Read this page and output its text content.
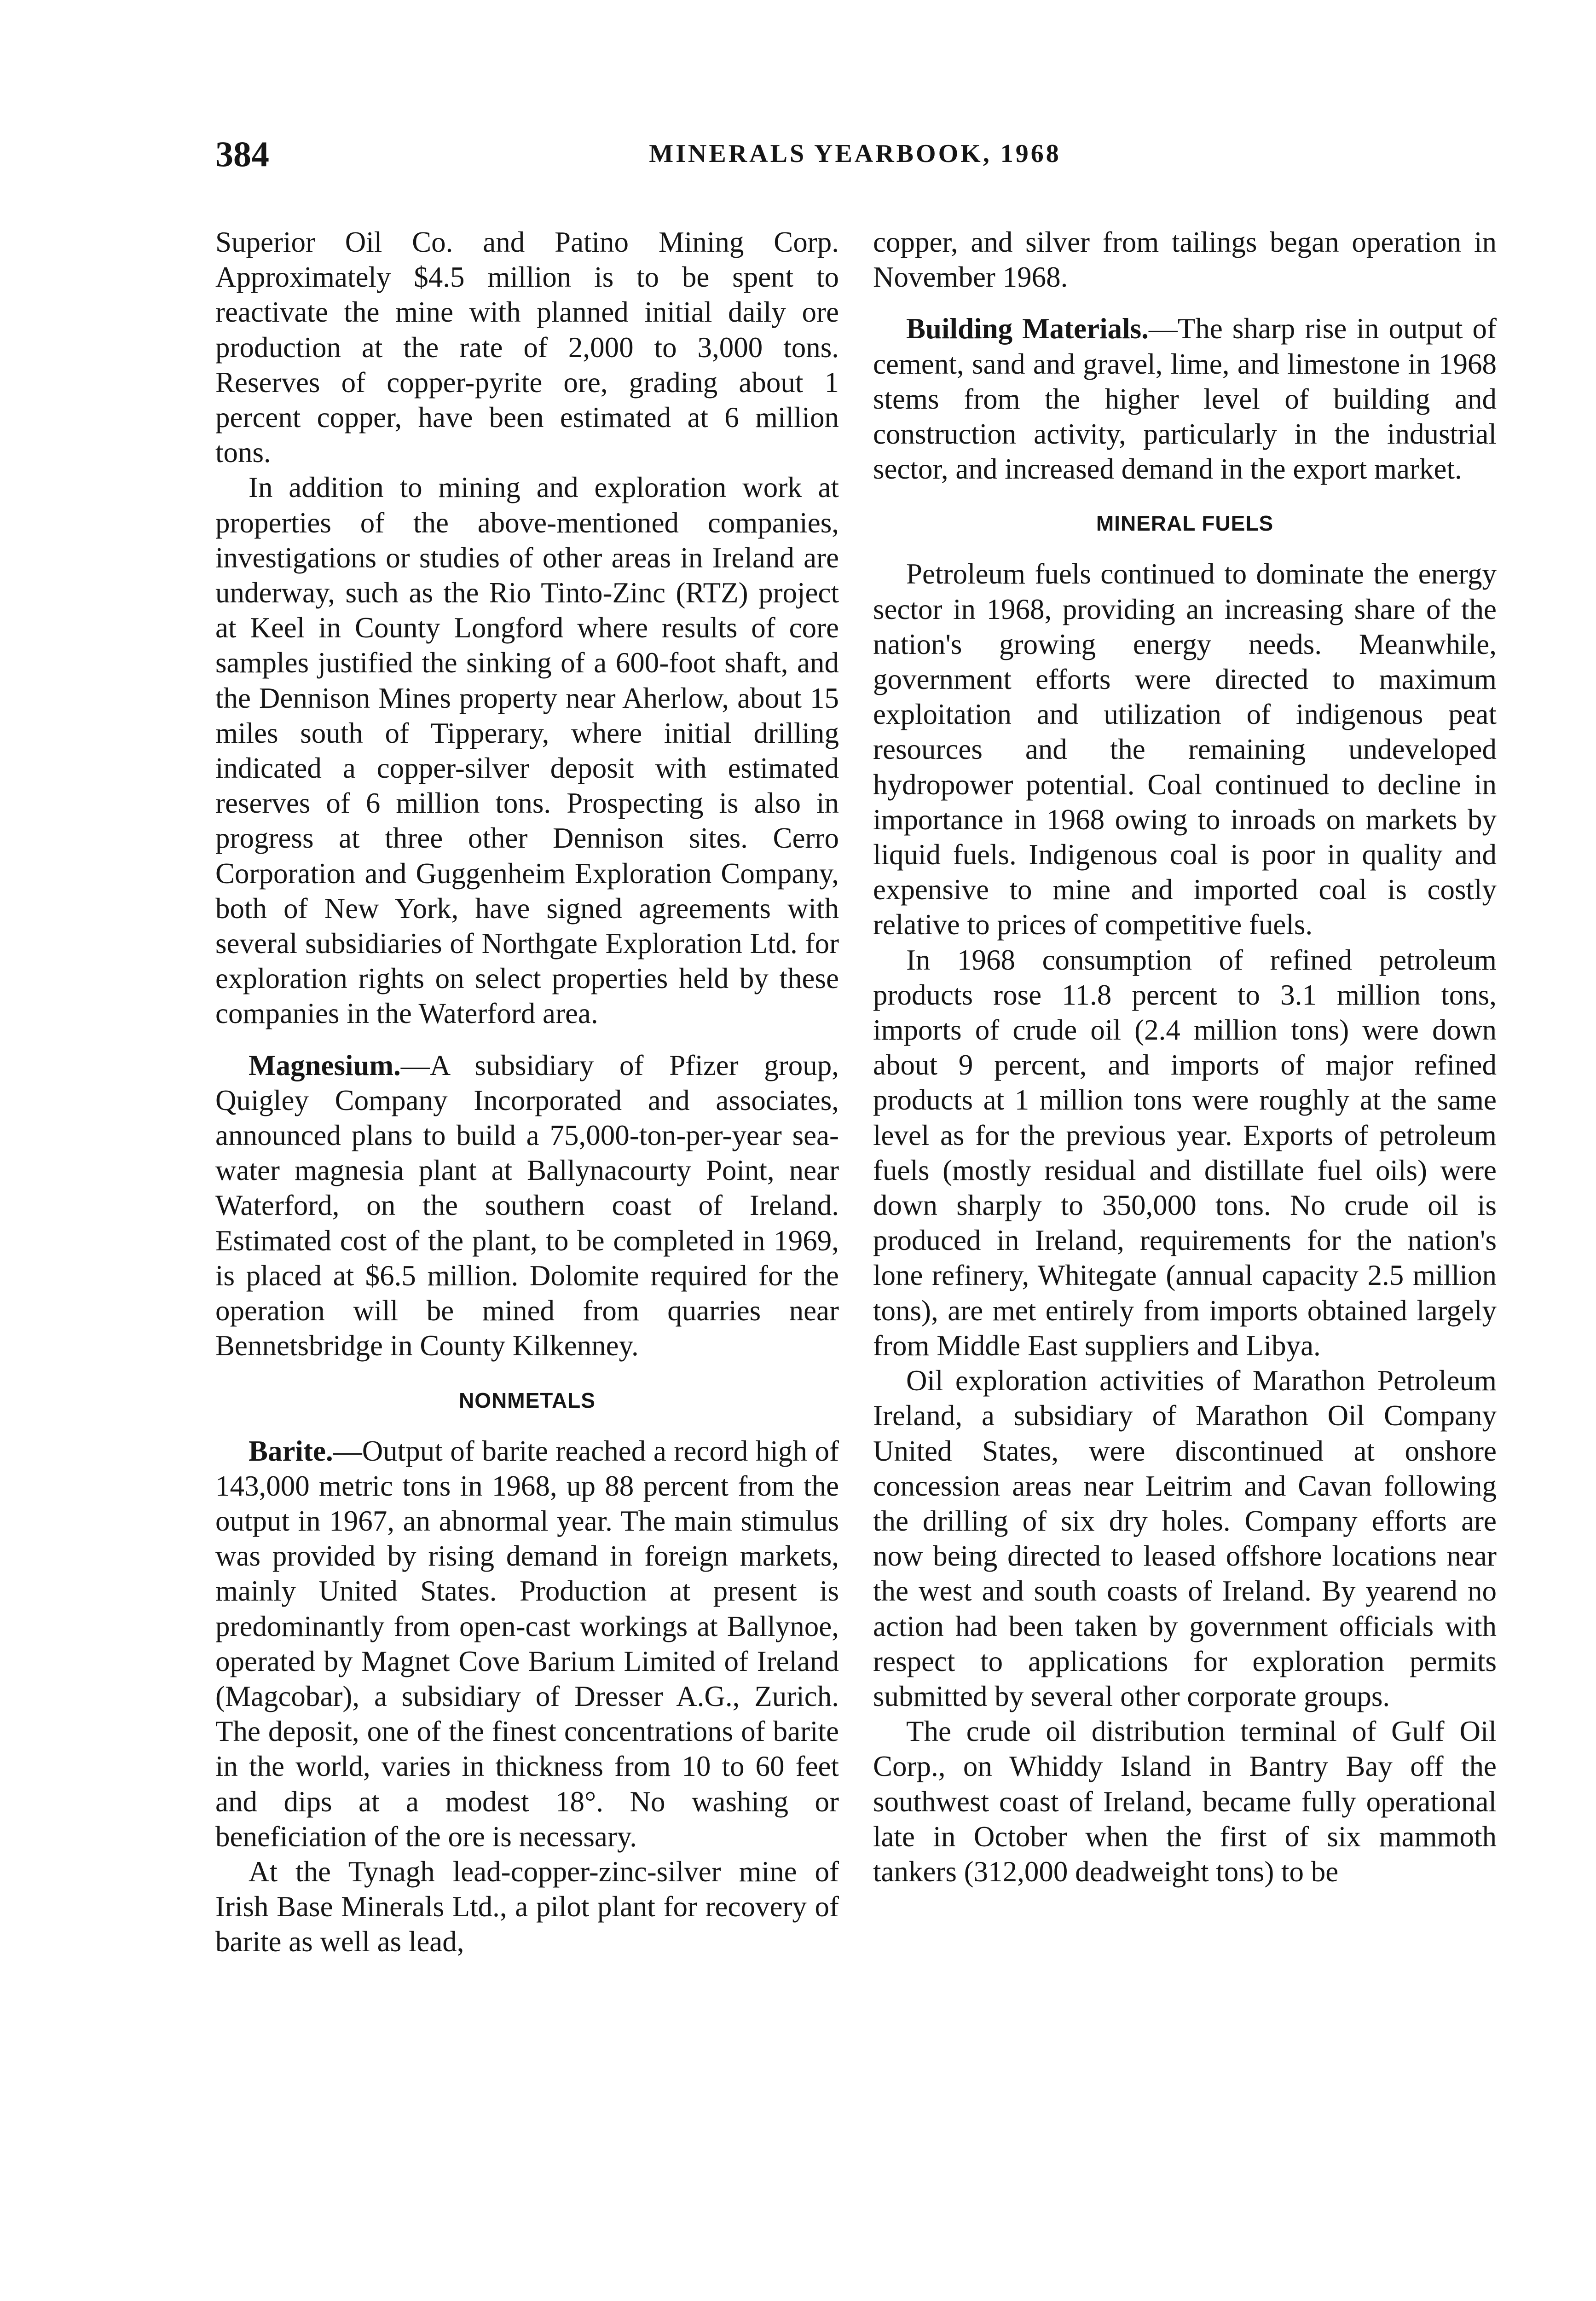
384	MINERALS YEARBOOK, 1968

Superior Oil Co. and Patino Mining Corp. Approximately $4.5 million is to be spent to reactivate the mine with planned initial daily ore production at the rate of 2,000 to 3,000 tons. Reserves of copper-pyrite ore, grading about 1 percent copper, have been estimated at 6 million tons.

In addition to mining and exploration work at properties of the above-mentioned companies, investigations or studies of other areas in Ireland are underway, such as the Rio Tinto-Zinc (RTZ) project at Keel in County Longford where results of core samples justified the sinking of a 600-foot shaft, and the Dennison Mines property near Aherlow, about 15 miles south of Tipperary, where initial drilling indicated a copper-silver deposit with estimated reserves of 6 million tons. Prospecting is also in progress at three other Dennison sites. Cerro Corporation and Guggenheim Exploration Company, both of New York, have signed agreements with several subsidiaries of Northgate Exploration Ltd. for exploration rights on select properties held by these companies in the Waterford area.

Magnesium.—A subsidiary of Pfizer group, Quigley Company Incorporated and associates, announced plans to build a 75,000-ton-per-year sea-water magnesia plant at Ballynacourty Point, near Waterford, on the southern coast of Ireland. Estimated cost of the plant, to be completed in 1969, is placed at $6.5 million. Dolomite required for the operation will be mined from quarries near Bennetsbridge in County Kilkenney.

NONMETALS

Barite.—Output of barite reached a record high of 143,000 metric tons in 1968, up 88 percent from the output in 1967, an abnormal year. The main stimulus was provided by rising demand in foreign markets, mainly United States. Production at present is predominantly from open-cast workings at Ballynoe, operated by Magnet Cove Barium Limited of Ireland (Magcobar), a subsidiary of Dresser A.G., Zurich. The deposit, one of the finest concentrations of barite in the world, varies in thickness from 10 to 60 feet and dips at a modest 18°. No washing or beneficiation of the ore is necessary.

At the Tynagh lead-copper-zinc-silver mine of Irish Base Minerals Ltd., a pilot plant for recovery of barite as well as lead,

copper, and silver from tailings began operation in November 1968.

Building Materials.—The sharp rise in output of cement, sand and gravel, lime, and limestone in 1968 stems from the higher level of building and construction activity, particularly in the industrial sector, and increased demand in the export market.

MINERAL FUELS

Petroleum fuels continued to dominate the energy sector in 1968, providing an increasing share of the nation's growing energy needs. Meanwhile, government efforts were directed to maximum exploitation and utilization of indigenous peat resources and the remaining undeveloped hydropower potential. Coal continued to decline in importance in 1968 owing to inroads on markets by liquid fuels. Indigenous coal is poor in quality and expensive to mine and imported coal is costly relative to prices of competitive fuels.

In 1968 consumption of refined petroleum products rose 11.8 percent to 3.1 million tons, imports of crude oil (2.4 million tons) were down about 9 percent, and imports of major refined products at 1 million tons were roughly at the same level as for the previous year. Exports of petroleum fuels (mostly residual and distillate fuel oils) were down sharply to 350,000 tons. No crude oil is produced in Ireland, requirements for the nation's lone refinery, Whitegate (annual capacity 2.5 million tons), are met entirely from imports obtained largely from Middle East suppliers and Libya.

Oil exploration activities of Marathon Petroleum Ireland, a subsidiary of Marathon Oil Company United States, were discontinued at onshore concession areas near Leitrim and Cavan following the drilling of six dry holes. Company efforts are now being directed to leased offshore locations near the west and south coasts of Ireland. By yearend no action had been taken by government officials with respect to applications for exploration permits submitted by several other corporate groups.

The crude oil distribution terminal of Gulf Oil Corp., on Whiddy Island in Bantry Bay off the southwest coast of Ireland, became fully operational late in October when the first of six mammoth tankers (312,000 deadweight tons) to be
